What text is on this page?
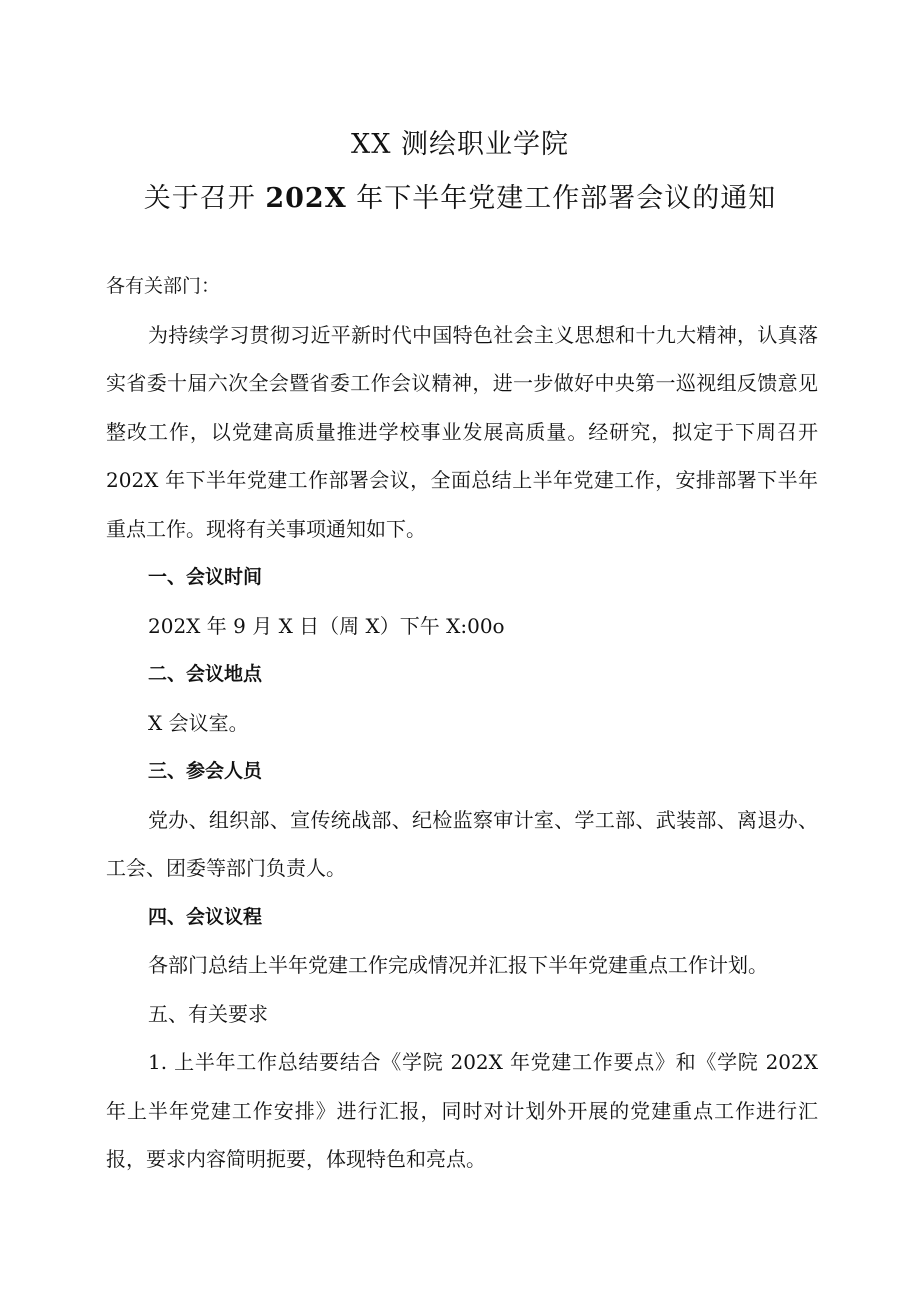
XX 测绘职业学院
关于召开 202X 年下半年党建工作部署会议的通知

各有关部门：

为持续学习贯彻习近平新时代中国特色社会主义思想和十九大精神，认真落实省委十届六次全会暨省委工作会议精神，进一步做好中央第一巡视组反馈意见整改工作，以党建高质量推进学校事业发展高质量。经研究，拟定于下周召开 202X 年下半年党建工作部署会议，全面总结上半年党建工作，安排部署下半年重点工作。现将有关事项通知如下。

一、会议时间

202X 年 9 月 X 日（周 X）下午 X:00o

二、会议地点

X 会议室。

三、参会人员

党办、组织部、宣传统战部、纪检监察审计室、学工部、武装部、离退办、工会、团委等部门负责人。

四、会议议程

各部门总结上半年党建工作完成情况并汇报下半年党建重点工作计划。

五、有关要求

1. 上半年工作总结要结合《学院 202X 年党建工作要点》和《学院 202X 年上半年党建工作安排》进行汇报，同时对计划外开展的党建重点工作进行汇报，要求内容简明扼要，体现特色和亮点。
